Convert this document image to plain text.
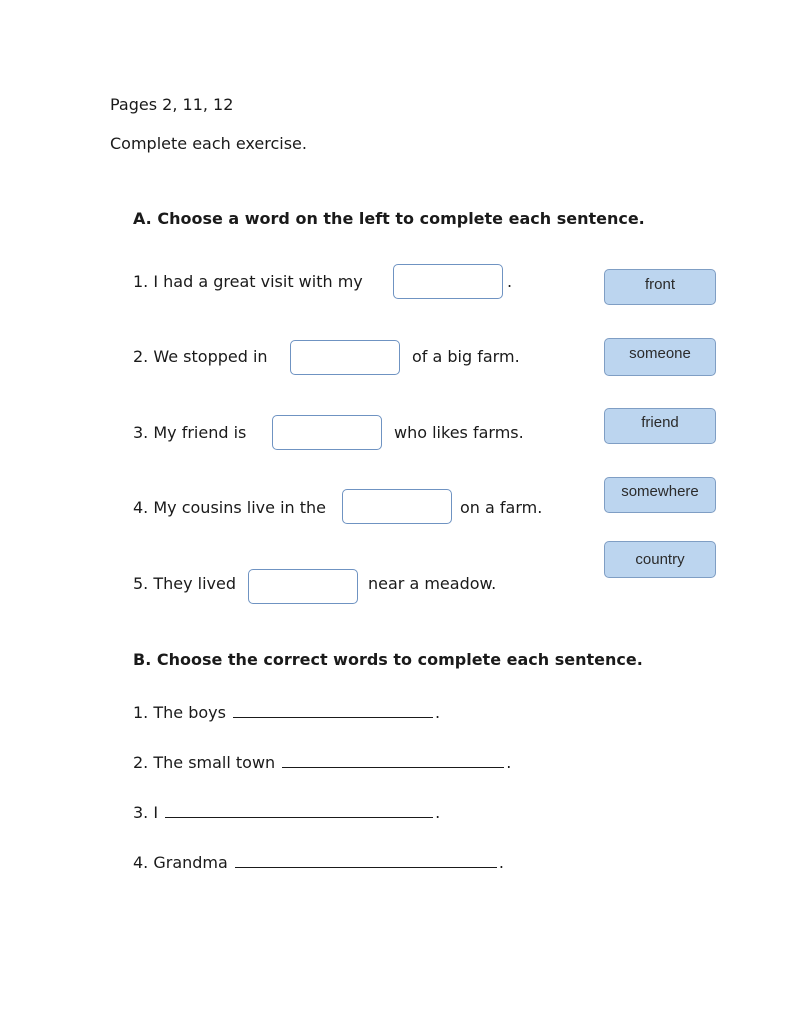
Pages 2, 11, 12
Complete each exercise.
A. Choose a word on the left to complete each sentence.
1. I had a great visit with my	.
2. We stopped in	of a big farm.
3. My friend is	who likes farms.
4. My cousins live in the	on a farm.
5. They lived	near a meadow.
front
someone
friend
somewhere
country
B. Choose the correct words to complete each sentence.
1. The boys	.
2. The small town	.
3. I	.
4. Grandma	.
